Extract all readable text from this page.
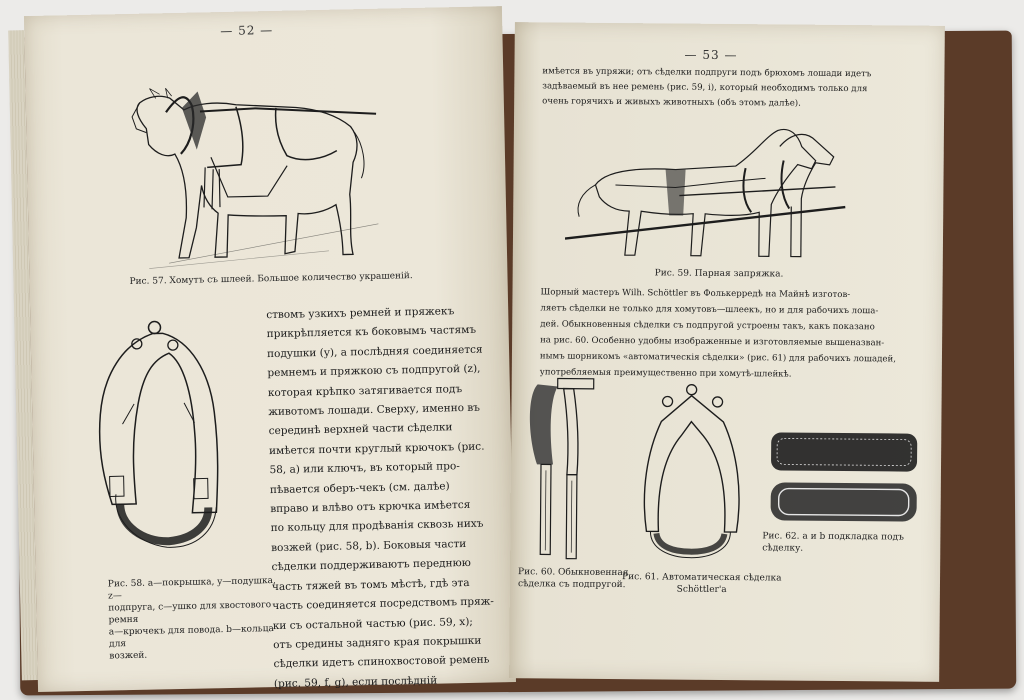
— 52 —
Рис. 57. Хомутъ съ шлеей. Большое количество украшеній.
ствомъ узкихъ ремней и пряжекъ
прикрѣпляется къ боковымъ частямъ
подушки (у), а послѣдняя соединяется
ремнемъ и пряжкою съ подпругой (z),
которая крѣпко затягивается подъ
животомъ лошади. Сверху, именно въ
серединѣ верхней части сѣделки
имѣется почти круглый крючокъ (рис.
58, а) или ключъ, въ который про-
пѣвается оберъ-чекъ (см. далѣе)
вправо и влѣво отъ крючка имѣется
по кольцу для продѣванія сквозь нихъ
возжей (рис. 58, b). Боковыя части
сѣделки поддерживаютъ переднюю
часть тяжей въ томъ мѣстѣ, гдѣ эта
часть соединяется посредствомъ пряж-
ки съ остальной частью (рис. 59, x);
отъ средины задняго края покрышки
сѣделки идетъ спинохвостовой ремень
(рис. 59, f, g), если послѣдній
Рис. 58. а—покрышка, y—подушка, z—
подпруга, c—ушко для хвостового ремня
a—крючекъ для повода. b—кольца для
возжей.
— 53 —
имѣется въ упряжи; отъ сѣделки подпруги подъ брюхомъ лошади идетъ
задѣваемый въ нее ремень (рис. 59, i), который необходимъ только для
очень горячихъ и живыхъ животныхъ (объ этомъ далѣе).
Рис. 59. Парная запряжка.
Шорный мастеръ Wilh. Schöttler въ Фолькерредѣ на Майнѣ изготов-
ляетъ сѣделки не только для хомутовъ—шлеекъ, но и для рабочихъ лоша-
дей. Обыкновенныя сѣделки съ подпругой устроены такъ, какъ показано
на рис. 60. Особенно удобны изображенные и изготовляемые вышеназван-
нымъ шорникомъ «автоматическія сѣделки» (рис. 61) для рабочихъ лошадей,
употребляемыя преимущественно при хомутѣ-шлейкѣ.
Рис. 60. Обыкновенная
сѣделка съ подпругой.
Рис. 61. Автоматическая сѣделка
Schöttler'а
Рис. 62. a и b подкладка подъ сѣделку.
